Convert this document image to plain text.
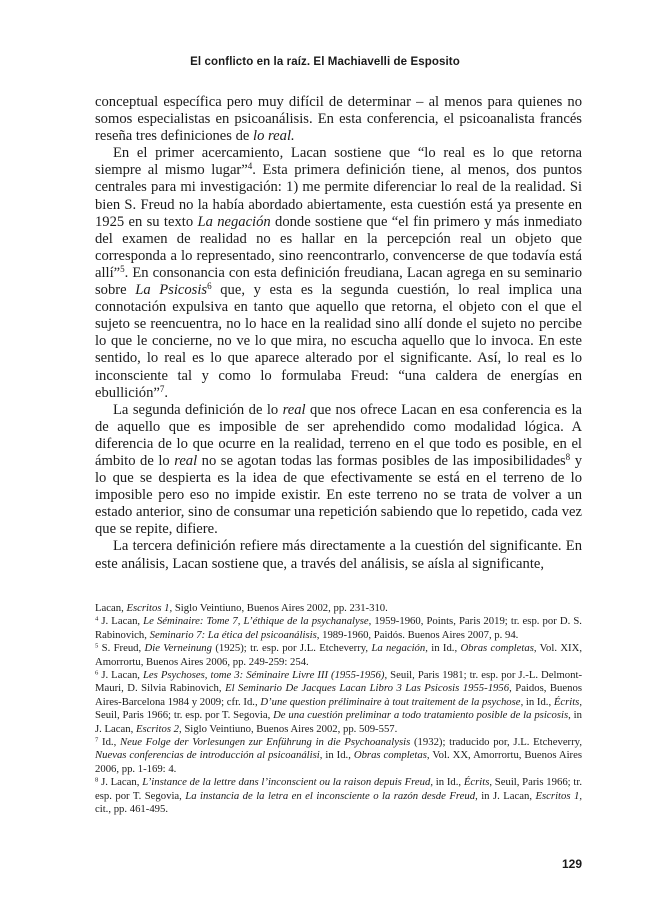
El conflicto en la raíz. El Machiavelli de Esposito

conceptual específica pero muy difícil de determinar – al menos para quienes no somos especialistas en psicoanálisis. En esta conferencia, el psicoanalista francés reseña tres definiciones de lo real.

En el primer acercamiento, Lacan sostiene que “lo real es lo que retorna siempre al mismo lugar”$^4$. Esta primera definición tiene, al menos, dos puntos centrales para mi investigación: 1) me permite diferenciar lo real de la realidad. Si bien S. Freud no la había abordado abiertamente, esta cuestión está ya presente en 1925 en su texto La negación donde sostiene que “el fin primero y más inmediato del examen de realidad no es hallar en la percepción real un objeto que corresponda a lo representado, sino reencontrarlo, convencerse de que todavía está allí”$^5$. En consonancia con esta definición freudiana, Lacan agrega en su seminario sobre La Psicosis$^6$ que, y esta es la segunda cuestión, lo real implica una connotación expulsiva en tanto que aquello que retorna, el objeto con el que el sujeto se reencuentra, no lo hace en la realidad sino allí donde el sujeto no percibe lo que le concierne, no ve lo que mira, no escucha aquello que lo invoca. En este sentido, lo real es lo que aparece alterado por el significante. Así, lo real es lo inconsciente tal y como lo formulaba Freud: “una caldera de energías en ebullición”$^7$.

La segunda definición de lo real que nos ofrece Lacan en esa conferencia es la de aquello que es imposible de ser aprehendido como modalidad lógica. A diferencia de lo que ocurre en la realidad, terreno en el que todo es posible, en el ámbito de lo real no se agotan todas las formas posibles de las imposibilidades$^8$ y lo que se despierta es la idea de que efectivamente se está en el terreno de lo imposible pero eso no impide existir. En este terreno no se trata de volver a un estado anterior, sino de consumar una repetición sabiendo que lo repetido, cada vez que se repite, difiere.

La tercera definición refiere más directamente a la cuestión del significante. En este análisis, Lacan sostiene que, a través del análisis, se aísla al significante,

Lacan, Escritos 1, Siglo Veintiuno, Buenos Aires 2002, pp. 231-310.

$^4$ J. Lacan, Le Séminaire: Tome 7, L’éthique de la psychanalyse, 1959-1960, Points, Paris 2019; tr. esp. por D. S. Rabinovich, Seminario 7: La ética del psicoanálisis, 1989-1960, Paidós. Buenos Aires 2007, p. 94.

$^5$ S. Freud, Die Verneinung (1925); tr. esp. por J.L. Etcheverry, La negación, in Id., Obras completas, Vol. XIX, Amorrortu, Buenos Aires 2006, pp. 249-259: 254.

$^6$ J. Lacan, Les Psychoses, tome 3: Séminaire Livre III (1955-1956), Seuil, Paris 1981; tr. esp. por J.-L. Delmont-Mauri, D. Silvia Rabinovich, El Seminario De Jacques Lacan Libro 3 Las Psicosis 1955-1956, Paidos, Buenos Aires-Barcelona 1984 y 2009; cfr. Id., D’une question préliminaire à tout traitement de la psychose, in Id., Écrits, Seuil, Paris 1966; tr. esp. por T. Segovia, De una cuestión preliminar a todo tratamiento posible de la psicosis, in J. Lacan, Escritos 2, Siglo Veintiuno, Buenos Aires 2002, pp. 509-557.

$^7$ Id., Neue Folge der Vorlesungen zur Enführung in die Psychoanalysis (1932); traducido por, J.L. Etcheverry, Nuevas conferencias de introducción al psicoanálisi, in Id., Obras completas, Vol. XX, Amorrortu, Buenos Aires 2006, pp. 1-169: 4.

$^8$ J. Lacan, L’instance de la lettre dans l’inconscient ou la raison depuis Freud, in Id., Écrits, Seuil, Paris 1966; tr. esp. por T. Segovia, La instancia de la letra en el inconsciente o la razón desde Freud, in J. Lacan, Escritos 1, cit., pp. 461-495.

129
